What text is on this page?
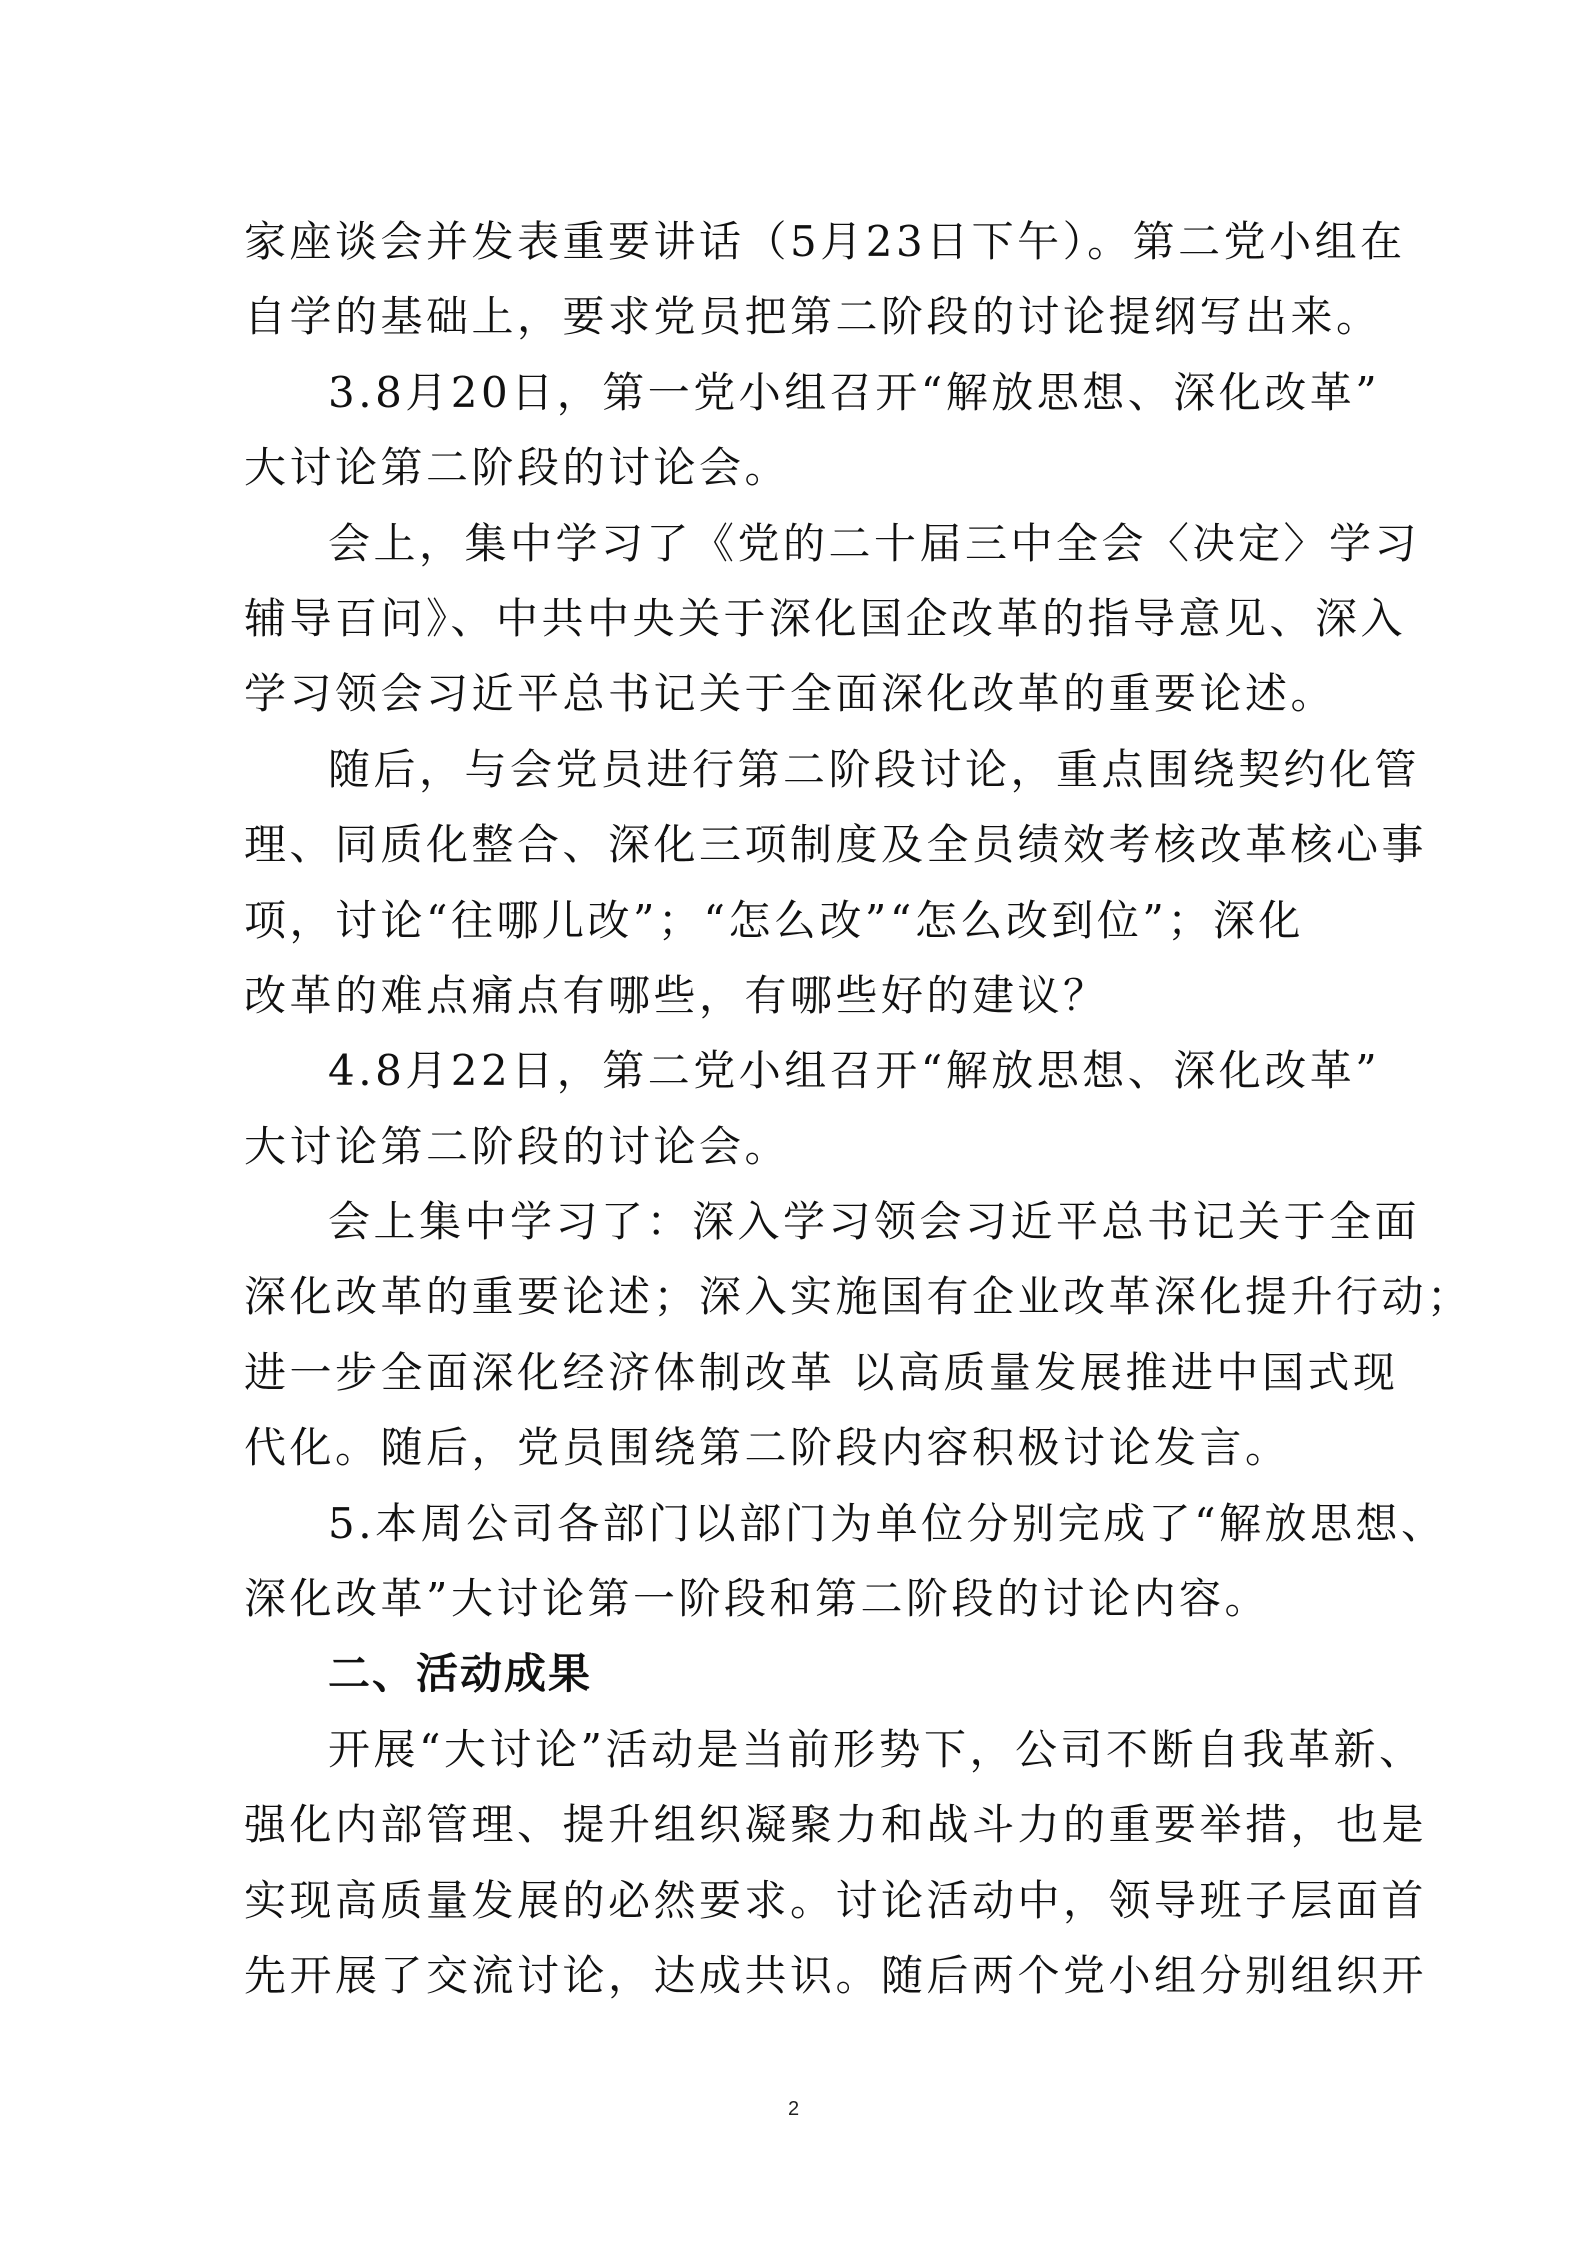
家座谈会并发表重要讲话（5月23日下午）。第二党小组在
自学的基础上，要求党员把第二阶段的讨论提纲写出来。
3.8月20日，第一党小组召开“解放思想、深化改革”
大讨论第二阶段的讨论会。
会上，集中学习了《党的二十届三中全会〈决定〉学习
辅导百问》、中共中央关于深化国企改革的指导意见、深入
学习领会习近平总书记关于全面深化改革的重要论述。
随后，与会党员进行第二阶段讨论，重点围绕契约化管
理、同质化整合、深化三项制度及全员绩效考核改革核心事
项，讨论“往哪儿改”；“怎么改”“怎么改到位”；深化
改革的难点痛点有哪些，有哪些好的建议？
4.8月22日，第二党小组召开“解放思想、深化改革”
大讨论第二阶段的讨论会。
会上集中学习了：深入学习领会习近平总书记关于全面
深化改革的重要论述；深入实施国有企业改革深化提升行动；
进一步全面深化经济体制改革 以高质量发展推进中国式现
代化。随后，党员围绕第二阶段内容积极讨论发言。
5.本周公司各部门以部门为单位分别完成了“解放思想、
深化改革”大讨论第一阶段和第二阶段的讨论内容。
二、活动成果
开展“大讨论”活动是当前形势下，公司不断自我革新、
强化内部管理、提升组织凝聚力和战斗力的重要举措，也是
实现高质量发展的必然要求。讨论活动中，领导班子层面首
先开展了交流讨论，达成共识。随后两个党小组分别组织开
2
